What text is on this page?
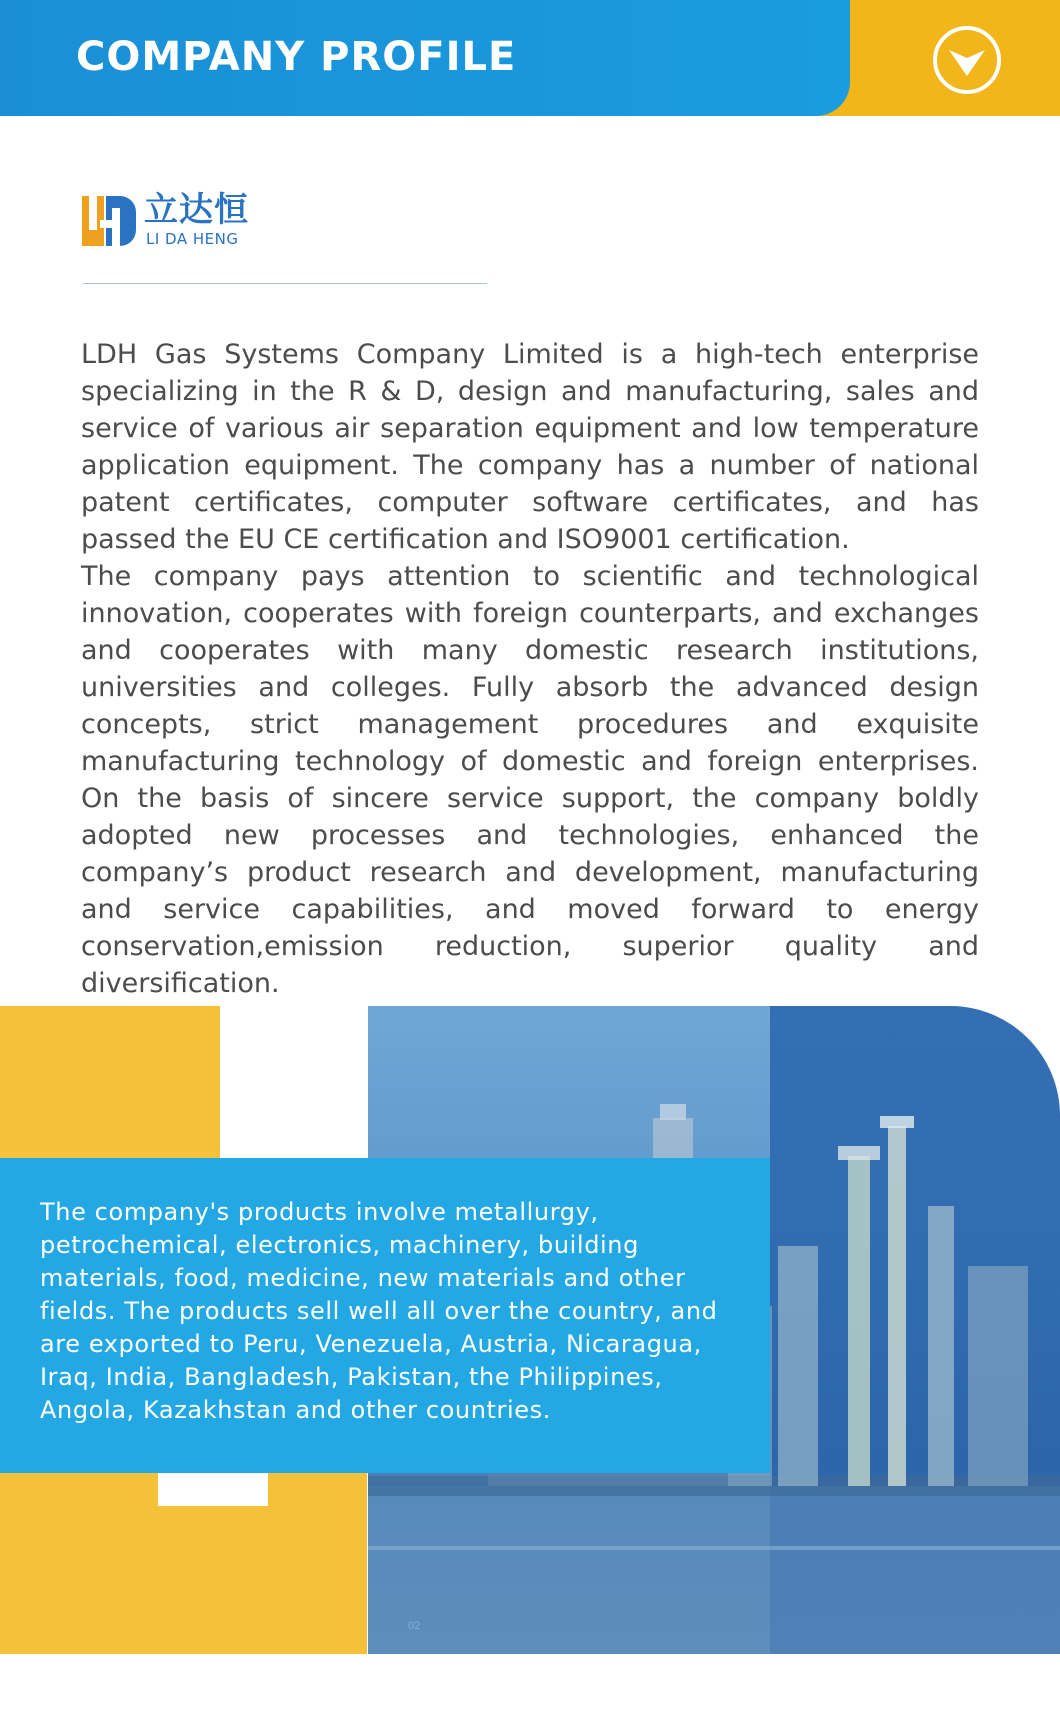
COMPANY PROFILE
立达恒
LI DA HENG

LDH Gas Systems Company Limited is a high-tech enterprise specializing in the R & D, design and manufacturing, sales and service of various air separation equipment and low temperature application equipment. The company has a number of national patent certificates, computer software certificates, and has passed the EU CE certification and ISO9001 certification.

The company pays attention to scientific and technological innovation, cooperates with foreign counterparts, and exchanges and cooperates with many domestic research institutions, universities and colleges. Fully absorb the advanced design concepts, strict management procedures and exquisite manufacturing technology of domestic and foreign enterprises. On the basis of sincere service support, the company boldly adopted new processes and technologies, enhanced the company’s product research and development, manufacturing and service capabilities, and moved forward to energy conservation,emission reduction, superior quality and diversification.

02

The company's products involve metallurgy, petrochemical, electronics, machinery, building materials, food, medicine, new materials and other fields. The products sell well all over the country, and are exported to Peru, Venezuela, Austria, Nicaragua, Iraq, India, Bangladesh, Pakistan, the Philippines, Angola, Kazakhstan and other countries.
